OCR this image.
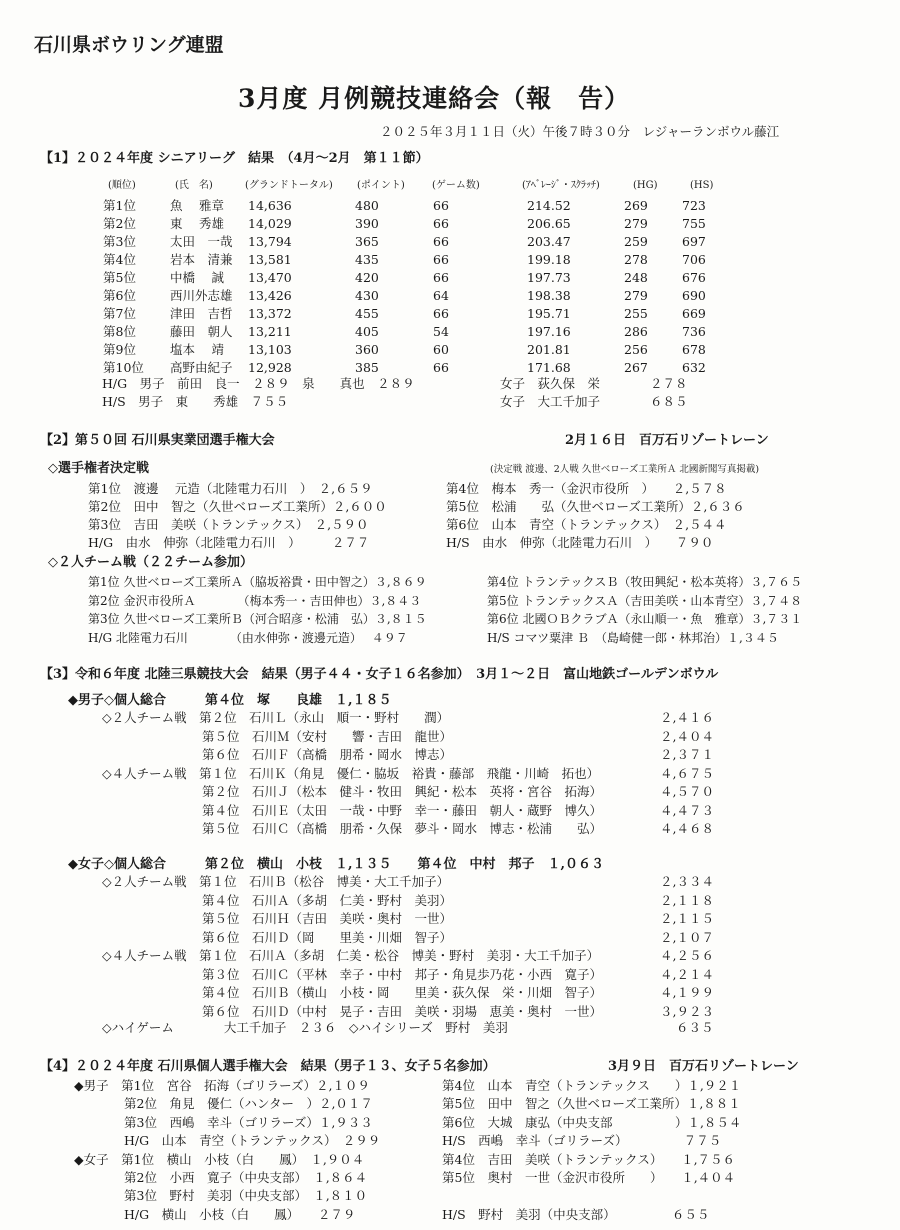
石川県ボウリング連盟
3月度 月例競技連絡会（報　告）
２０２５年３月１１日（火）午後７時３０分　レジャーランボウル藤江
【1】２０２４年度 シニアリーグ　結果　（4月～2月　第１１節）
(順位)	(氏　名)	(グランドトータル) (ポイント)	(ゲーム数)	(ｱﾍﾞﾚｰｼﾞ・ｽｸﾗｯﾁ)	(HG)	(HS)
第1位	魚　 雅章 14,636	480	66	214.52	269	723
第2位	東　 秀雄 14,029	390	66	206.65	279	755
第3位	太田　一哉 13,794	365	66	203.47	259	697
第4位	岩本　清兼 13,581	435	66	199.18	278	706
第5位	中橋　 誠 13,470	420	66	197.73	248	676
第6位	西川外志雄 13,426	430	64	198.38	279	690
第7位	津田　吉哲 13,372	455	66	195.71	255	669
第8位	藤田　朝人 13,211	405	54	197.16	286	736
第9位	塩本　 靖 13,103	360	60	201.81	256	678
第10位 高野由紀子 12,928	385	66	171.68	267	632
H/G　男子　前田　良一　２８９　泉　　真也　２８９	女子　荻久保　栄　　　　２７８
H/S　男子　東　　秀雄　７５５	女子　大工千加子　　　　６８５
【2】第５０回 石川県実業団選手権大会	2月１６日　百万石リゾートレーン
◇選手権者決定戦	(決定戦 渡邊、2人戦 久世ベローズ工業所Ａ 北國新聞写真掲載)
第1位　渡邊　 元造（北陸電力石川　）　２,６５９	第4位　梅本　秀一（金沢市役所　）　　２,５７８
第2位　田中　智之（久世ベローズ工業所）２,６００	第5位　松浦　　弘（久世ベローズ工業所）２,６３６
第3位　吉田　美咲（トランテックス）　２,５９０	第6位　山本　青空（トランテックス）　２,５４４
H/G　由水　伸弥（北陸電力石川　）　　　２７７	H/S　由水　伸弥（北陸電力石川　）　　７９０
◇２人チーム戦（２２チーム参加）
第1位 久世ベローズ工業所Ａ（脇坂裕貴・田中智之）３,８６９	第4位 トランテックスＢ（牧田興紀・松本英将）３,７６５
第2位 金沢市役所Ａ　　　　（梅本秀一・吉田伸也）３,８４３	第5位 トランテックスＡ（吉田美咲・山本青空）３,７４８
第3位 久世ベローズ工業所Ｂ（河合昭彦・松浦　弘）３,８１５	第6位 北國ＯＢクラブＡ（永山順一・魚　雅章）３,７３１
H/G 北陸電力石川　　　　（由水伸弥・渡邊元造）　 ４９７	H/S コマツ粟津 Ｂ　（島崎健一郎・林邦治）１,３４５
【3】令和６年度 北陸三県競技大会　結果（男子４４・女子１６名参加）　3月１～２日　富山地鉄ゴールデンボウル
◆男子◇個人総合　　　第４位　塚　　良雄　１,１８５
◇２人チーム戦　第２位　石川Ｌ（永山　順一・野村　　潤）	２,４１６
　　　　　　　　第５位　石川Ｍ（安村　　響・吉田　龍世）	２,４０４
　　　　　　　　第６位　石川Ｆ（高橋　朋希・岡水　博志）	２,３７１
◇４人チーム戦　第１位　石川Ｋ（角見　優仁・脇坂　裕貴・藤部　飛龍・川崎　拓也）	４,６７５
　　　　　　　　第２位　石川Ｊ（松本　健斗・牧田　興紀・松本　英将・宮谷　拓海）	４,５７０
　　　　　　　　第４位　石川Ｅ（太田　一哉・中野　幸一・藤田　朝人・蔵野　博久）	４,４７３
　　　　　　　　第５位　石川Ｃ（高橋　朋希・久保　夢斗・岡水　博志・松浦　　弘）	４,４６８
◆女子◇個人総合　　　第２位　横山　小枝　１,１３５　　第４位　中村　邦子　１,０６３
◇２人チーム戦　第１位　石川Ｂ（松谷　博美・大工千加子）	２,３３４
　　　　　　　　第４位　石川Ａ（多胡　仁美・野村　美羽）	２,１１８
　　　　　　　　第５位　石川Ｈ（吉田　美咲・奥村　一世）	２,１１５
　　　　　　　　第６位　石川Ｄ（岡　　里美・川畑　智子）	２,１０７
◇４人チーム戦　第１位　石川Ａ（多胡　仁美・松谷　博美・野村　美羽・大工千加子）	４,２５６
　　　　　　　　第３位　石川Ｃ（平林　幸子・中村　邦子・角見歩乃花・小西　寛子）	４,２１４
　　　　　　　　第４位　石川Ｂ（横山　小枝・岡　　里美・荻久保　栄・川畑　智子）	４,１９９
　　　　　　　　第６位　石川Ｄ（中村　晃子・吉田　美咲・羽場　恵美・奥村　一世）	３,９２３
◇ハイゲーム　　　　大工千加子　２３６　◇ハイシリーズ　野村　美羽	６３５
【4】２０２４年度 石川県個人選手権大会　結果（男子１３、女子５名参加）	3月９日　百万石リゾートレーン
◆男子　第1位　宮谷　拓海（ゴリラーズ）２,１０９	第4位　山本　青空（トランテックス　　）１,９２１
　　　　第2位　角見　優仁（ハンター　）２,０１７	第5位　田中　智之（久世ベローズ工業所）１,８８１
　　　　第3位　西嶋　幸斗（ゴリラーズ）１,９３３	第6位　大城　康弘（中央支部　　　　　）１,８５４
　　　　H/G　山本　青空（トランテックス）　２９９	H/S　西嶋　幸斗（ゴリラーズ）　　　　　７７５
◆女子　第1位　横山　小枝（白　　鳳）　１,９０４	第4位　吉田　美咲（トランテックス）　　１,７５６
　　　　第2位　小西　寛子（中央支部）　１,８６４	第5位　奥村　一世（金沢市役所　　）　　１,４０４
　　　　第3位　野村　美羽（中央支部）　１,８１０
　　　　H/G　横山　小枝（白　　鳳）　　２７９	H/S　野村　美羽（中央支部）　　　　　６５５
